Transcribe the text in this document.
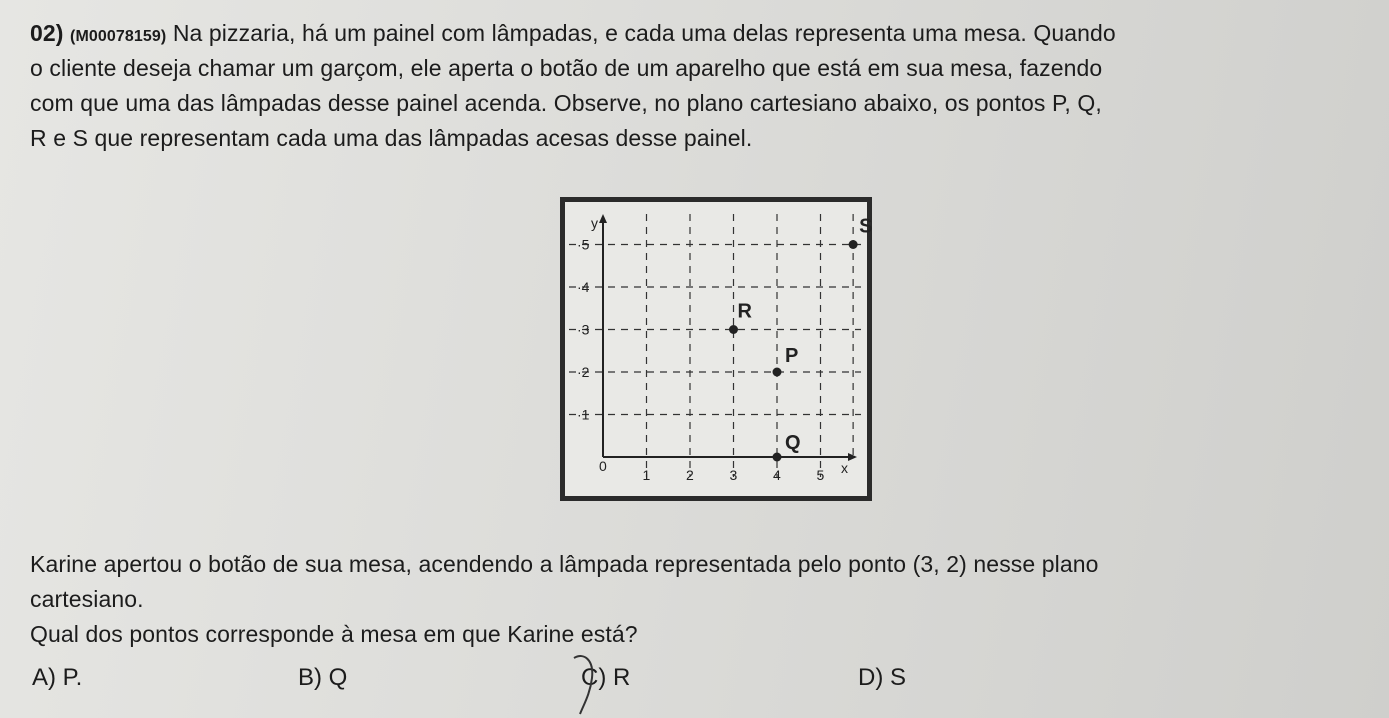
02) (M00078159) Na pizzaria, há um painel com lâmpadas, e cada uma delas representa uma mesa. Quando

o cliente deseja chamar um garçom, ele aperta o botão de um aparelho que está em sua mesa, fazendo

com que uma das lâmpadas desse painel acenda. Observe, no plano cartesiano abaixo, os pontos P, Q,

R e S que representam cada uma das lâmpadas acesas desse painel.

1	2	3	4	5
·1
·2
·3
·4
·5
0	x
y
P
Q
R
S

Karine apertou o botão de sua mesa, acendendo a lâmpada representada pelo ponto (3, 2) nesse plano

cartesiano.

Qual dos pontos corresponde à mesa em que Karine está?

A) P.	B) Q	C) R	D) S
